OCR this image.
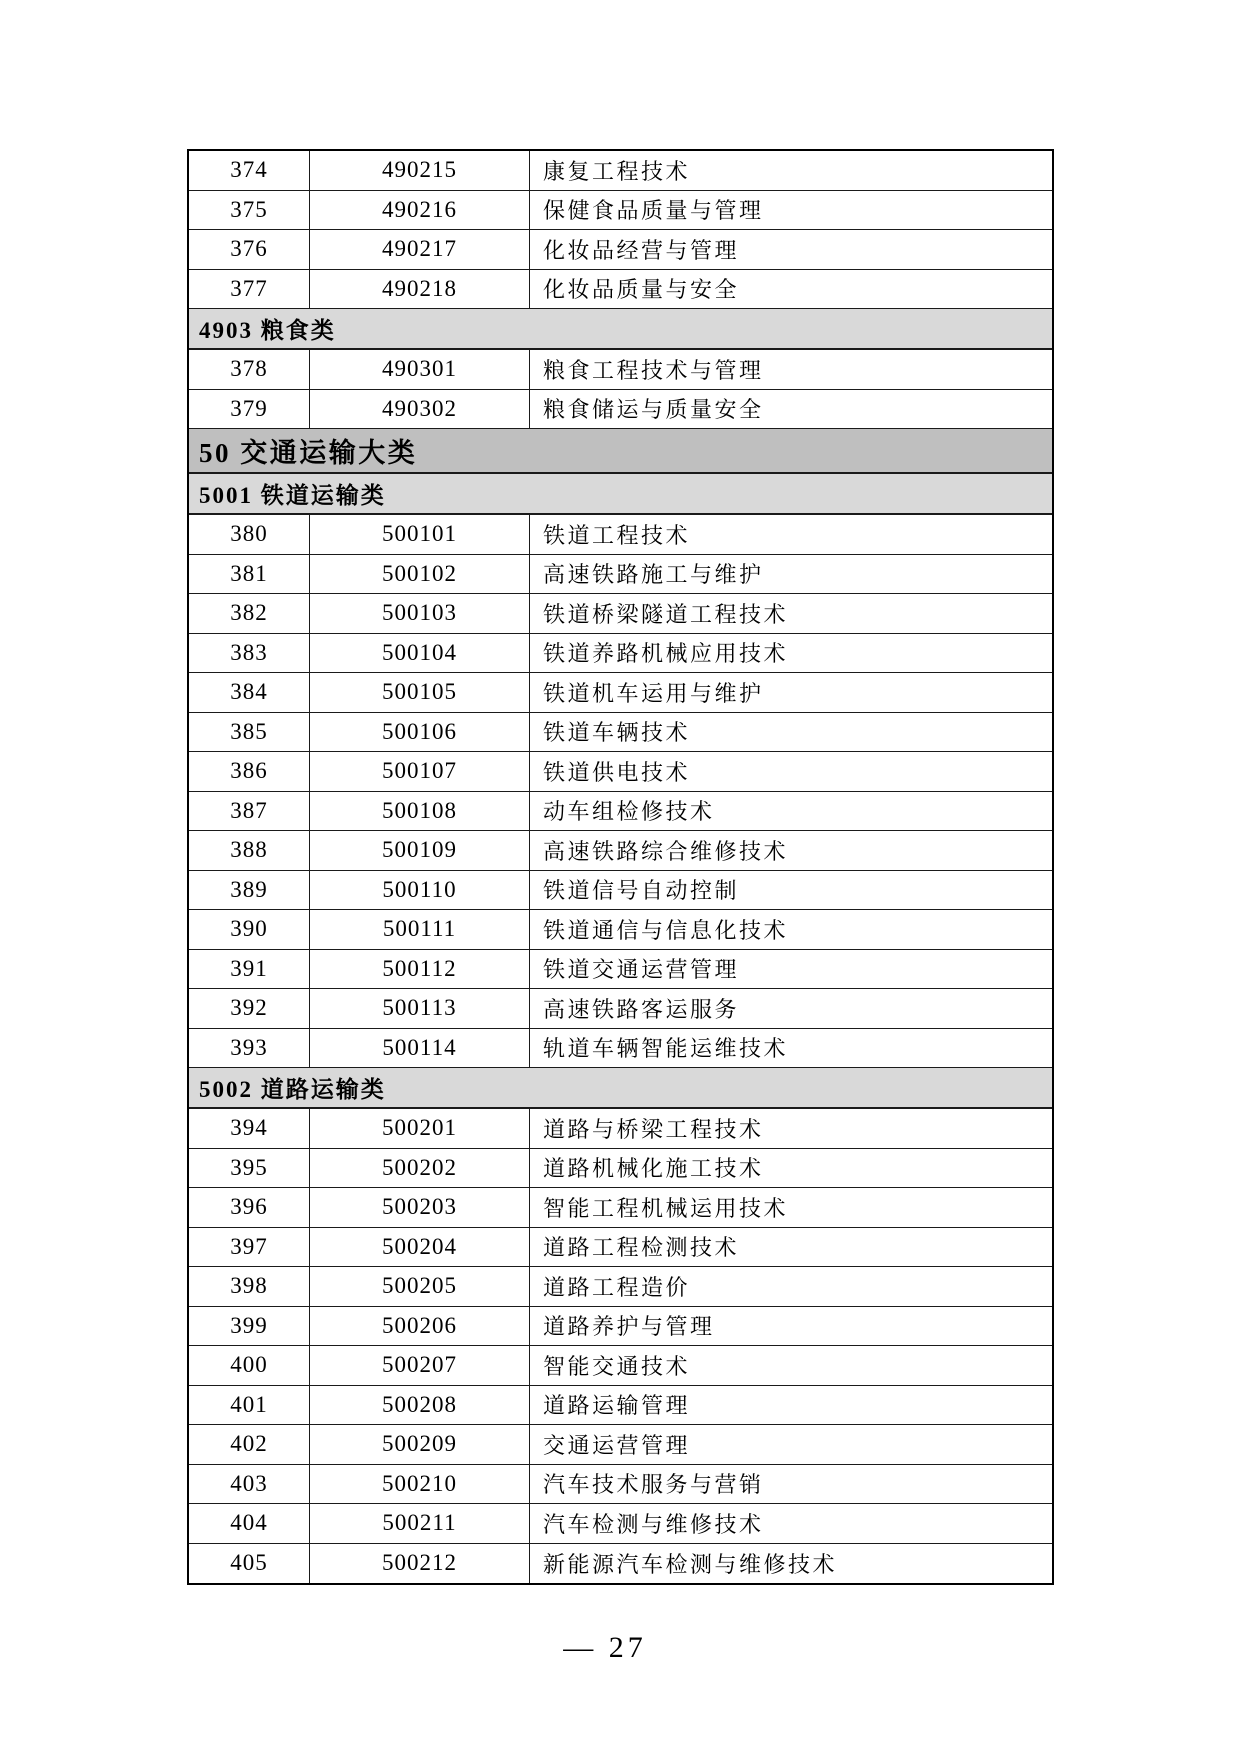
374	490215	康复工程技术
375	490216	保健食品质量与管理
376	490217	化妆品经营与管理
377	490218	化妆品质量与安全
4903 粮食类
378	490301	粮食工程技术与管理
379	490302	粮食储运与质量安全
50 交通运输大类
5001 铁道运输类
380	500101	铁道工程技术
381	500102	高速铁路施工与维护
382	500103	铁道桥梁隧道工程技术
383	500104	铁道养路机械应用技术
384	500105	铁道机车运用与维护
385	500106	铁道车辆技术
386	500107	铁道供电技术
387	500108	动车组检修技术
388	500109	高速铁路综合维修技术
389	500110	铁道信号自动控制
390	500111	铁道通信与信息化技术
391	500112	铁道交通运营管理
392	500113	高速铁路客运服务
393	500114	轨道车辆智能运维技术
5002 道路运输类
394	500201	道路与桥梁工程技术
395	500202	道路机械化施工技术
396	500203	智能工程机械运用技术
397	500204	道路工程检测技术
398	500205	道路工程造价
399	500206	道路养护与管理
400	500207	智能交通技术
401	500208	道路运输管理
402	500209	交通运营管理
403	500210	汽车技术服务与营销
404	500211	汽车检测与维修技术
405	500212	新能源汽车检测与维修技术
— 27
